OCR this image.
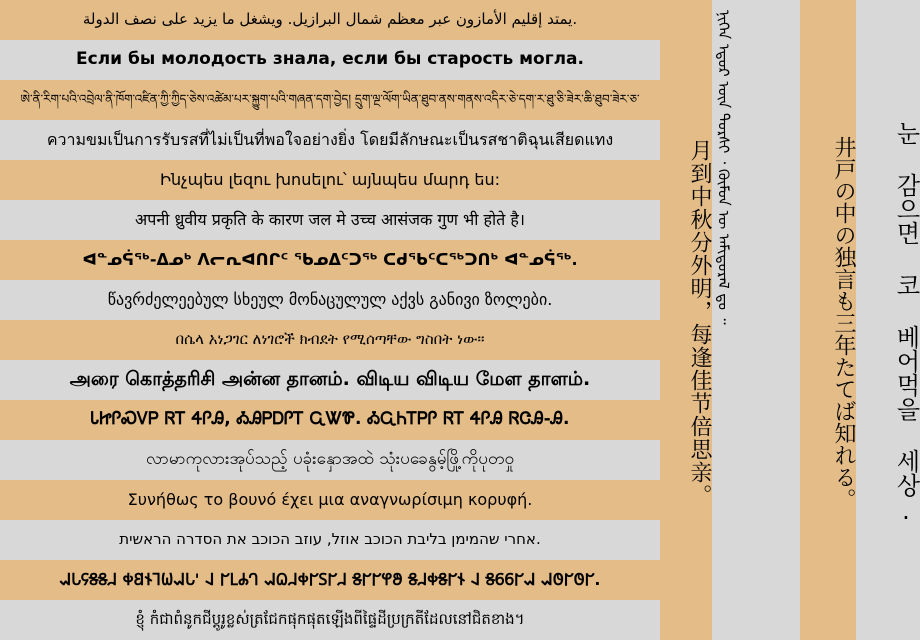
يمتد إقليم الأمازون عبر معظم شمال البرازيل. ويشغل ما يزيد على نصف الدولة.
Если бы молодость знала, если бы старость могла.
ཨེ་ནི་རིག་པའི་འབྲེལ་ནི་ཁོག་འཛིན་ཀྱི་ཀྱིད་ཅེས་འཚེམ་པར་སྐྱུག་པའི་གཞན་དག་བྱེད། དྲུག་ལྔ་ལོག་ཡིན་ཐུབ་ནས་གནས་འདིར་ཅེ་དག་ར་ཐུ་ཅི་ཟེར་ཆི་ཐུབ་ཟེར་ཅ་
ความขมเป็นการรับรสที่ไม่เป็นที่พอใจอย่างยิ่ง โดยมีลักษณะเป็นรสชาติฉุนเสียดแทง
Ինչպես լեզու խոսելու՝ այնպես մարդ ես:
अपनी ध्रुवीय प्रकृति के कारण जल मे उच्च आसंजक गुण भी होते है।
ᐊᓐᓄᕌᖅ-ᐃᓄᒃ ᐱᓕᕆᐊᑎᒋᑦ ᖃᓄᐃᑦᑐᖅ ᑕᑯᖃᑦᑕᖅᑐᑎᒃ ᐊᓐᓄᕌᖅ.
წავრძელეებულ სხეულ მონაცულულ აქვს განივი ზოლები.
በሴላ አነጋገር ለነገሮች ክብደት የሚሰጣቸው ግስበት ነው።
அரை கொத்தரிசி அன்ன தானம். விடிய விடிய மேள தாளம்.
ᏓᏥᎵᏍᏙᏢ ᏒᎢ ᏎᎵᎯ, ᎣᎯᏢᎠᎵᎢ ᏩᏔᏈ. ᎣᏩᏂᎢᏢᎵ ᏒᎢ ᏎᎵᎯ ᏒᏣᎯ-Ꭿ.
လာမာကုလားအုပ်သည့် ပခုံးနှောအထဲ သုံးပခေနွမ့်ဖြို့ကိုပုတဝှု
Συνήθως το βουνό έχει μια αναγνωρίσιμη κορυφή.
אחרי שהמימן בליבת הכוכב אוזל, עוזב הכוכב את הסדרה הראשית.
𐐉𐐢𐐖𐐝𐐝𐐇 𐐡𐐒𐐆𐐑𐐎𐐉𐐢' 𐐈 𐐊𐐛𐐌𐐓 𐐉𐐗𐐇𐐡𐐊𐐠𐐊𐐇 𐐝𐐊𐐊𐐐𐐍 𐐝𐐇𐐡𐐝𐐊𐐆 𐐈 𐐝𐐞𐐞𐐊𐐉 𐐉𐐃𐐊𐐃𐐊.
ខ្ញុំ កំជាពំនូកជីប្ដូរូខ្លស់ត្រជែកផុកផុតឡើងពីផ្ទៃដីប្រក្រតីដែលនៅជិតខាង។
月到中秋分外明，每逢佳节倍思亲。 ᠨᠢᠭᠡᠨ ᠡᠳᠦᠷ ᠦᠨ ᠲᠤᠷᠰᠢ ᠂ ᠬᠦᠮᠦᠨ ᠦ ᠠᠮᠢᠳᠤᠷᠠᠯ ᠳᠤ ᠃	井戸の中の独言も三年たてば知れる。 눈 감으면 코 베어먹을 세상.
